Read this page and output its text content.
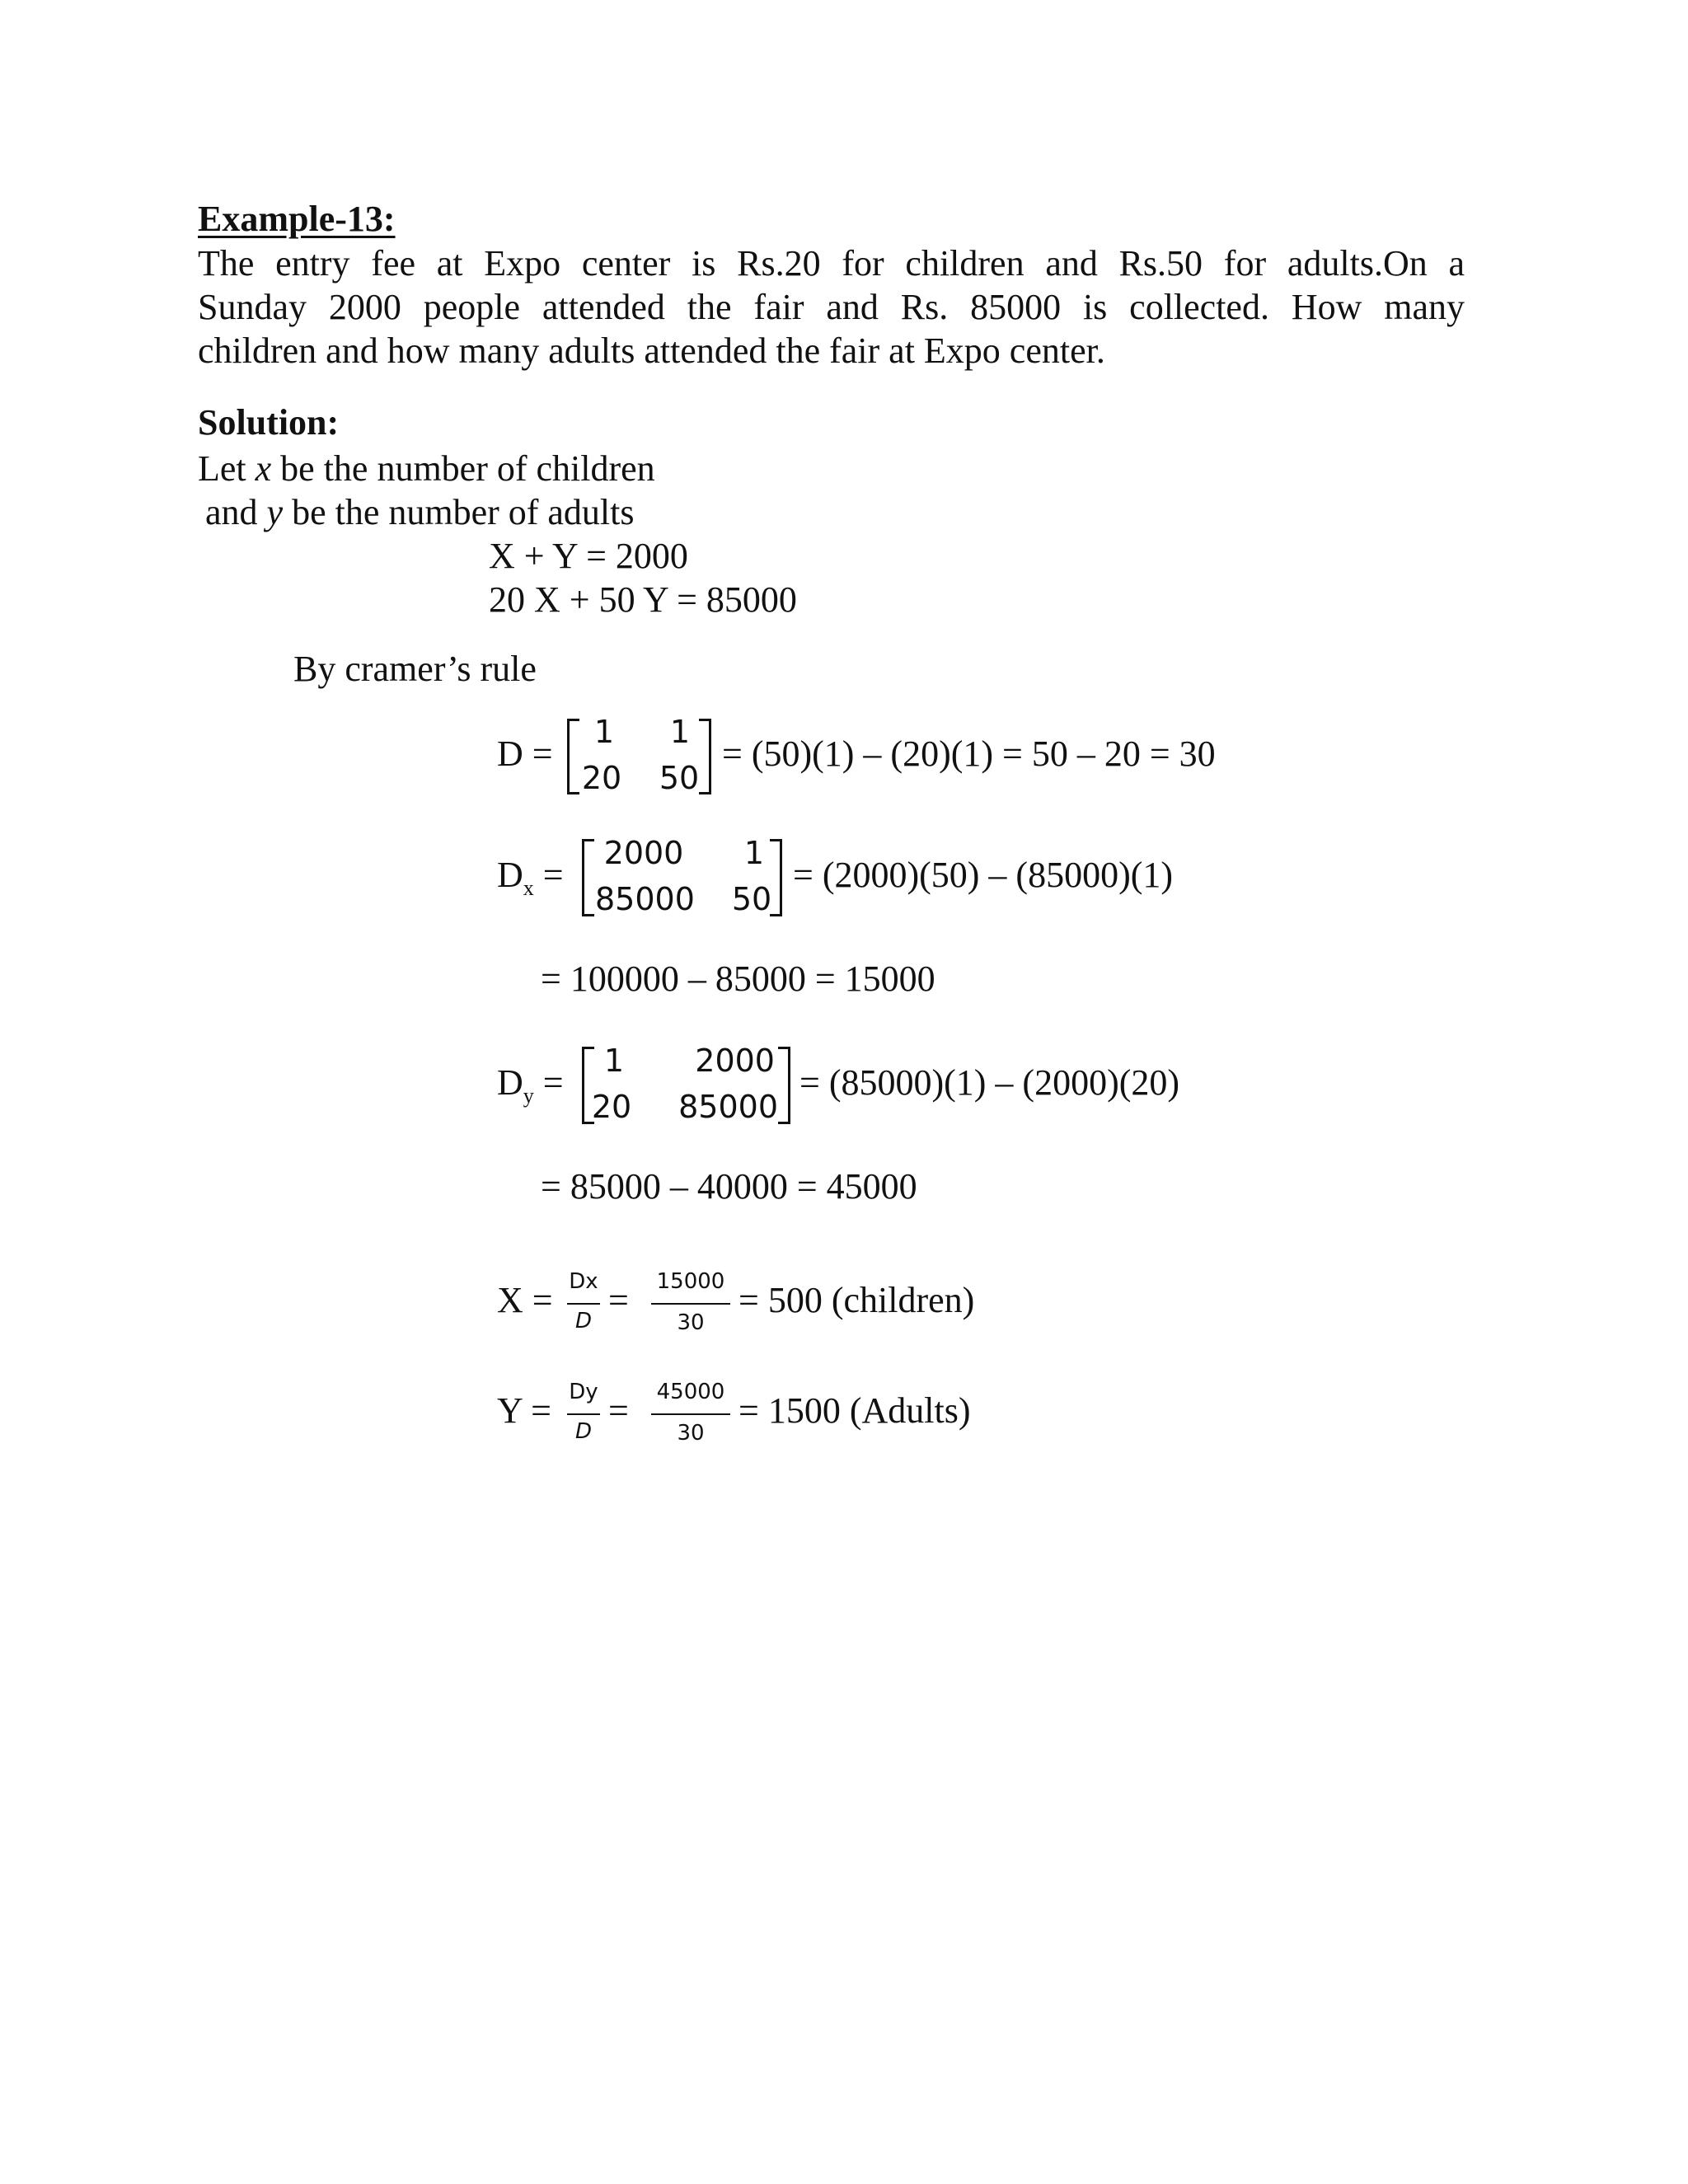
Example-13:
The entry fee at Expo center is Rs.20 for children and Rs.50 for adults.On a
Sunday 2000 people attended the fair and Rs. 85000 is collected. How many
children and how many adults attended the fair at Expo center.
Solution:
Let x be the number of children
and y be the number of adults
X + Y = 2000
20 X + 50 Y = 85000
By cramer’s rule
D =
1	1
20 50
= (50)(1) – (20)(1) = 50 – 20 = 30
$D_x$ =
2000	1
85000 50
= (2000)(50) – (85000)(1)
= 100000 – 85000 = 15000
$D_y$ =
1	2000
20 85000
= (85000)(1) – (2000)(20)
= 85000 – 40000 = 45000
X = Dx
D
= 15000
30
= 500 (children)
Y = Dy
D
= 45000
30
= 1500 (Adults)
